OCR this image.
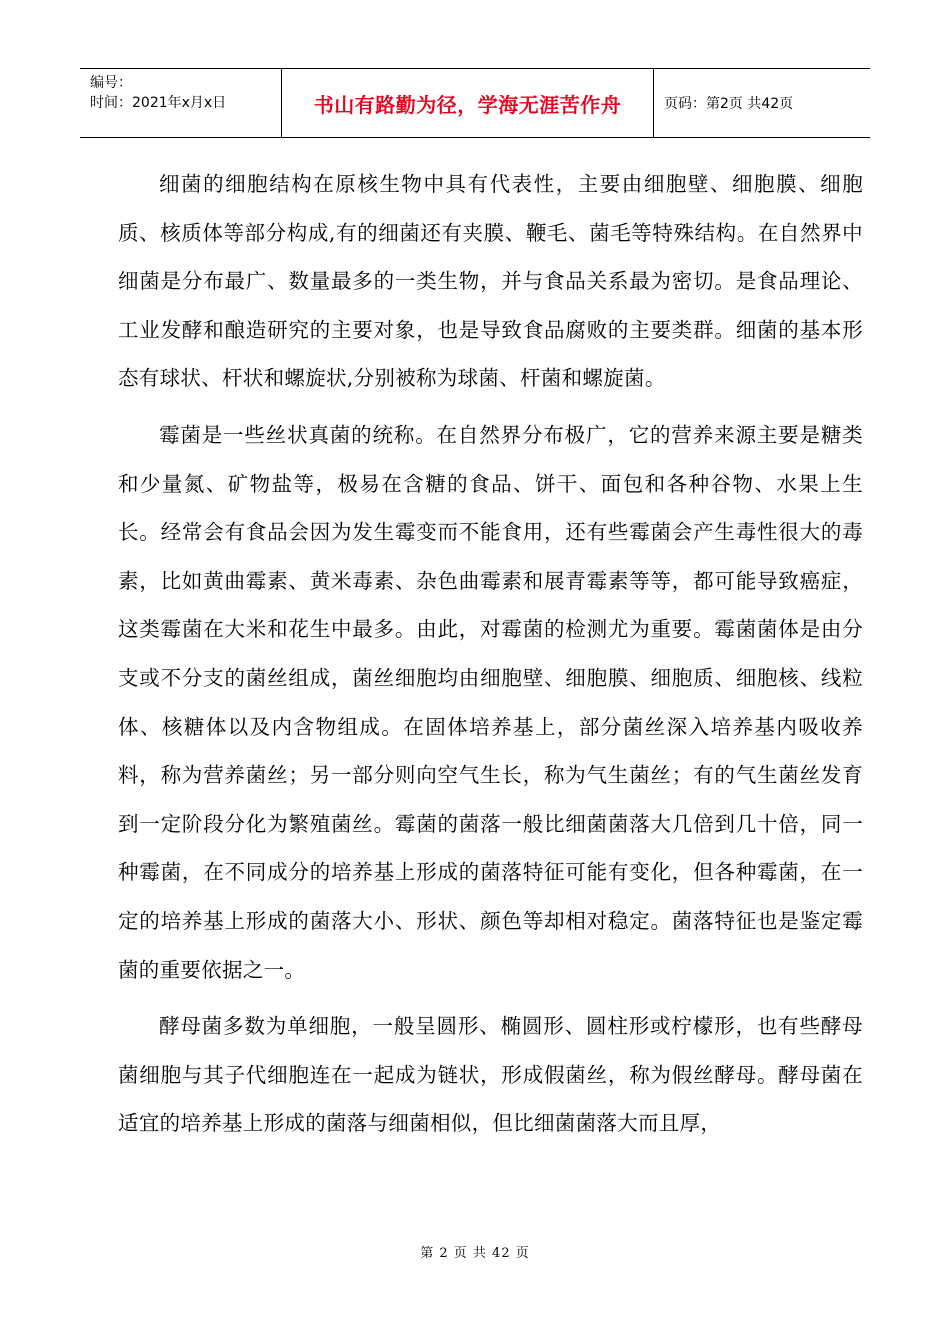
编号：
时间：2021年x月x日	书山有路勤为径，学海无涯苦作舟	页码：第2页 共42页

细菌的细胞结构在原核生物中具有代表性，主要由细胞壁、细胞膜、细胞质、核质体等部分构成,有的细菌还有夹膜、鞭毛、菌毛等特殊结构。在自然界中细菌是分布最广、数量最多的一类生物，并与食品关系最为密切。是食品理论、工业发酵和酿造研究的主要对象，也是导致食品腐败的主要类群。细菌的基本形态有球状、杆状和螺旋状,分别被称为球菌、杆菌和螺旋菌。

霉菌是一些丝状真菌的统称。在自然界分布极广，它的营养来源主要是糖类和少量氮、矿物盐等，极易在含糖的食品、饼干、面包和各种谷物、水果上生长。经常会有食品会因为发生霉变而不能食用，还有些霉菌会产生毒性很大的毒素，比如黄曲霉素、黄米毒素、杂色曲霉素和展青霉素等等，都可能导致癌症，这类霉菌在大米和花生中最多。由此，对霉菌的检测尤为重要。霉菌菌体是由分支或不分支的菌丝组成，菌丝细胞均由细胞壁、细胞膜、细胞质、细胞核、线粒体、核糖体以及内含物组成。在固体培养基上，部分菌丝深入培养基内吸收养料，称为营养菌丝；另一部分则向空气生长，称为气生菌丝；有的气生菌丝发育到一定阶段分化为繁殖菌丝。霉菌的菌落一般比细菌菌落大几倍到几十倍，同一种霉菌，在不同成分的培养基上形成的菌落特征可能有变化，但各种霉菌，在一定的培养基上形成的菌落大小、形状、颜色等却相对稳定。菌落特征也是鉴定霉菌的重要依据之一。

酵母菌多数为单细胞，一般呈圆形、椭圆形、圆柱形或柠檬形，也有些酵母菌细胞与其子代细胞连在一起成为链状，形成假菌丝，称为假丝酵母。酵母菌在适宜的培养基上形成的菌落与细菌相似，但比细菌菌落大而且厚，

第 2 页 共 42 页
